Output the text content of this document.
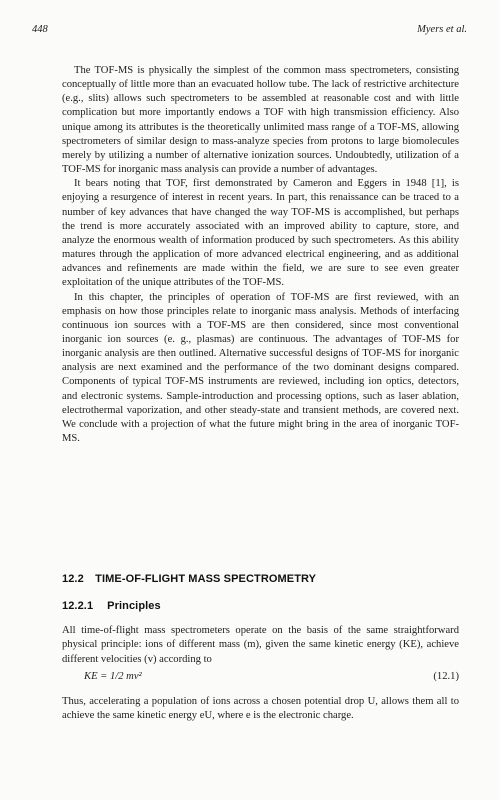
448	Myers et al.

The TOF-MS is physically the simplest of the common mass spectrometers, consisting conceptually of little more than an evacuated hollow tube. The lack of restrictive architecture (e.g., slits) allows such spectrometers to be assembled at reasonable cost and with little complication but more importantly endows a TOF with high transmission efficiency. Also unique among its attributes is the theoretically unlimited mass range of a TOF-MS, allowing spectrometers of similar design to mass-analyze species from protons to large biomolecules merely by utilizing a number of alternative ionization sources. Undoubtedly, utilization of a TOF-MS for inorganic mass analysis can provide a number of advantages.

It bears noting that TOF, first demonstrated by Cameron and Eggers in 1948 [1], is enjoying a resurgence of interest in recent years. In part, this renaissance can be traced to a number of key advances that have changed the way TOF-MS is accomplished, but perhaps the trend is more accurately associated with an improved ability to capture, store, and analyze the enormous wealth of information produced by such spectrometers. As this ability matures through the application of more advanced electrical engineering, and as additional advances and refinements are made within the field, we are sure to see even greater exploitation of the unique attributes of the TOF-MS.

In this chapter, the principles of operation of TOF-MS are first reviewed, with an emphasis on how those principles relate to inorganic mass analysis. Methods of interfacing continuous ion sources with a TOF-MS are then considered, since most conventional inorganic ion sources (e. g., plasmas) are continuous. The advantages of TOF-MS for inorganic analysis are then outlined. Alternative successful designs of TOF-MS for inorganic analysis are next examined and the performance of the two dominant designs compared. Components of typical TOF-MS instruments are reviewed, including ion optics, detectors, and electronic systems. Sample-introduction and processing options, such as laser ablation, electrothermal vaporization, and other steady-state and transient methods, are covered next. We conclude with a projection of what the future might bring in the area of inorganic TOF-MS.

12.2 TIME-OF-FLIGHT MASS SPECTROMETRY
12.2.1 Principles

All time-of-flight mass spectrometers operate on the basis of the same straightforward physical principle: ions of different mass (m), given the same kinetic energy (KE), achieve different velocities (v) according to

KE = 1/2 mv²	(12.1)

Thus, accelerating a population of ions across a chosen potential drop U, allows them all to achieve the same kinetic energy eU, where e is the electronic charge.
